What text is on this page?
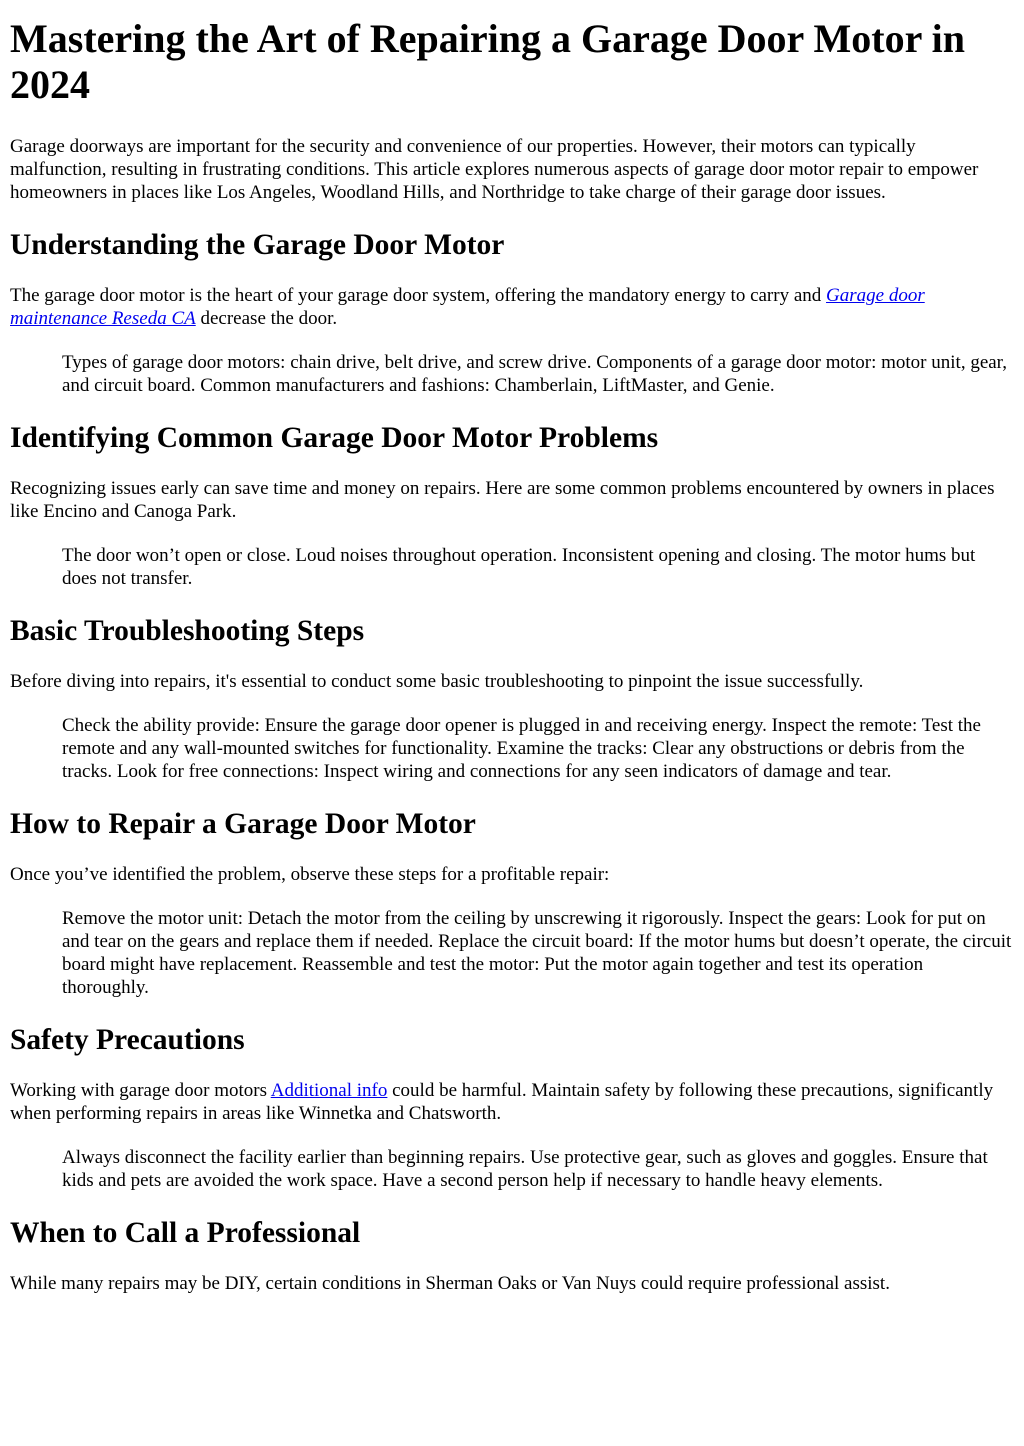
Mastering the Art of Repairing a Garage Door Motor in 2024

Garage doorways are important for the security and convenience of our properties. However, their motors can typically malfunction, resulting in frustrating conditions. This article explores numerous aspects of garage door motor repair to empower homeowners in places like Los Angeles, Woodland Hills, and Northridge to take charge of their garage door issues.

Understanding the Garage Door Motor

The garage door motor is the heart of your garage door system, offering the mandatory energy to carry and Garage door maintenance Reseda CA decrease the door.

Types of garage door motors: chain drive, belt drive, and screw drive. Components of a garage door motor: motor unit, gear, and circuit board. Common manufacturers and fashions: Chamberlain, LiftMaster, and Genie.
Identifying Common Garage Door Motor Problems

Recognizing issues early can save time and money on repairs. Here are some common problems encountered by owners in places like Encino and Canoga Park.

The door won’t open or close. Loud noises throughout operation. Inconsistent opening and closing. The motor hums but does not transfer.
Basic Troubleshooting Steps

Before diving into repairs, it's essential to conduct some basic troubleshooting to pinpoint the issue successfully.

Check the ability provide: Ensure the garage door opener is plugged in and receiving energy. Inspect the remote: Test the remote and any wall-mounted switches for functionality. Examine the tracks: Clear any obstructions or debris from the tracks. Look for free connections: Inspect wiring and connections for any seen indicators of damage and tear.
How to Repair a Garage Door Motor

Once you’ve identified the problem, observe these steps for a profitable repair:

Remove the motor unit: Detach the motor from the ceiling by unscrewing it rigorously. Inspect the gears: Look for put on and tear on the gears and replace them if needed. Replace the circuit board: If the motor hums but doesn’t operate, the circuit board might have replacement. Reassemble and test the motor: Put the motor again together and test its operation thoroughly.
Safety Precautions

Working with garage door motors Additional info could be harmful. Maintain safety by following these precautions, significantly when performing repairs in areas like Winnetka and Chatsworth.

Always disconnect the facility earlier than beginning repairs. Use protective gear, such as gloves and goggles. Ensure that kids and pets are avoided the work space. Have a second person help if necessary to handle heavy elements.
When to Call a Professional

While many repairs may be DIY, certain conditions in Sherman Oaks or Van Nuys could require professional assist.
